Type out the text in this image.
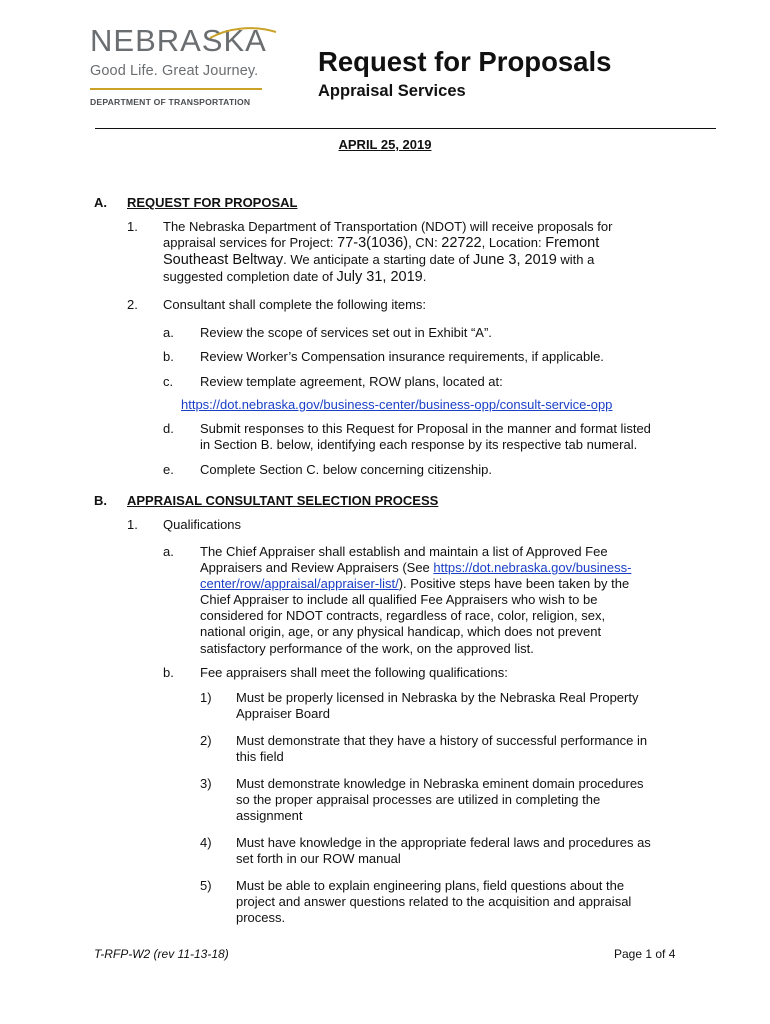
NEBRASKA
Good Life. Great Journey.
DEPARTMENT OF TRANSPORTATION
Request for Proposals
Appraisal Services
APRIL 25, 2019
A. REQUEST FOR PROPOSAL
1. The Nebraska Department of Transportation (NDOT) will receive proposals for
appraisal services for Project: 77-3(1036), CN: 22722, Location: Fremont
Southeast Beltway. We anticipate a starting date of June 3, 2019 with a
suggested completion date of July 31, 2019.
2. Consultant shall complete the following items:
a. Review the scope of services set out in Exhibit “A”.
b. Review Worker’s Compensation insurance requirements, if applicable.
c. Review template agreement, ROW plans, located at:
https://dot.nebraska.gov/business-center/business-opp/consult-service-opp
d. Submit responses to this Request for Proposal in the manner and format listed
in Section B. below, identifying each response by its respective tab numeral.
e. Complete Section C. below concerning citizenship.
B. APPRAISAL CONSULTANT SELECTION PROCESS
1. Qualifications
a. The Chief Appraiser shall establish and maintain a list of Approved Fee
Appraisers and Review Appraisers (See https://dot.nebraska.gov/business-
center/row/appraisal/appraiser-list/). Positive steps have been taken by the
Chief Appraiser to include all qualified Fee Appraisers who wish to be
considered for NDOT contracts, regardless of race, color, religion, sex,
national origin, age, or any physical handicap, which does not prevent
satisfactory performance of the work, on the approved list.
b. Fee appraisers shall meet the following qualifications:
1) Must be properly licensed in Nebraska by the Nebraska Real Property
Appraiser Board
2) Must demonstrate that they have a history of successful performance in
this field
3) Must demonstrate knowledge in Nebraska eminent domain procedures
so the proper appraisal processes are utilized in completing the
assignment
4) Must have knowledge in the appropriate federal laws and procedures as
set forth in our ROW manual
5) Must be able to explain engineering plans, field questions about the
project and answer questions related to the acquisition and appraisal
process.
T-RFP-W2 (rev 11-13-18)	Page 1 of 4
